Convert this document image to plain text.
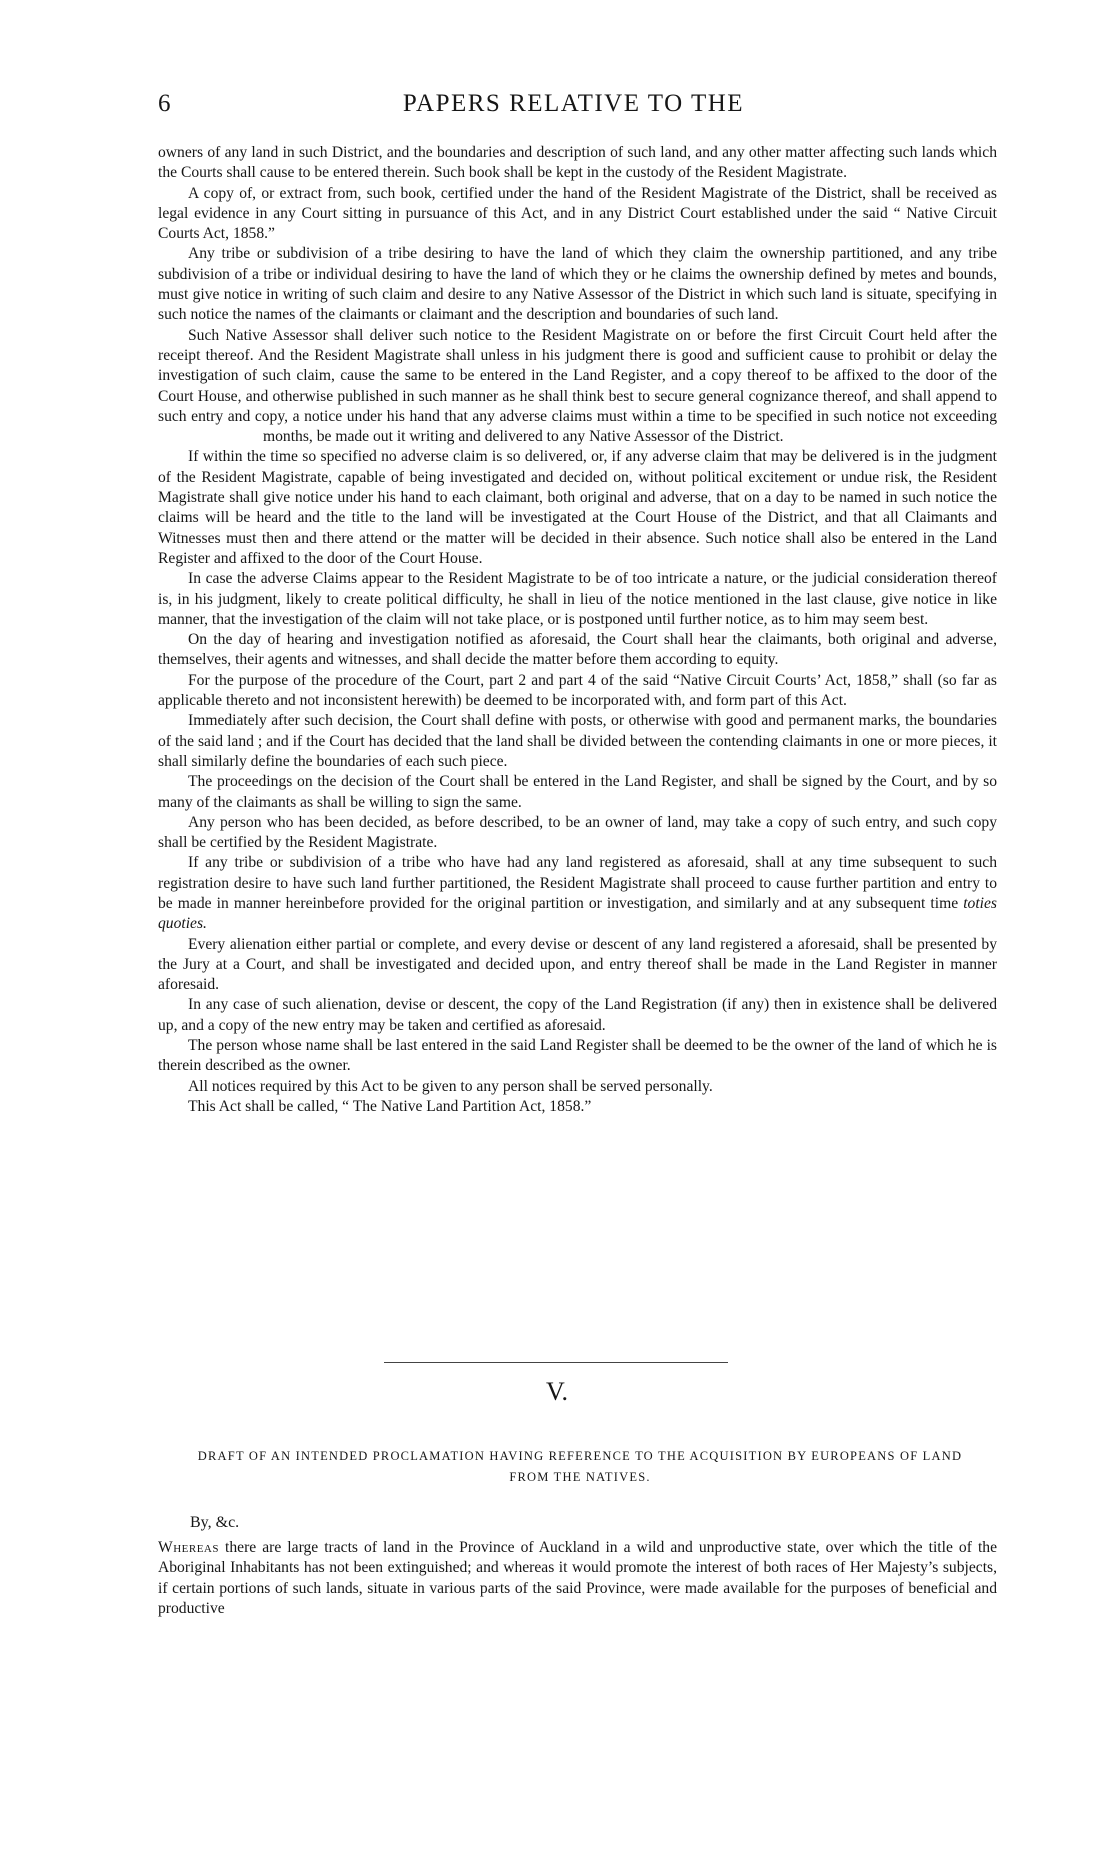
6	PAPERS RELATIVE TO THE

owners of any land in such District, and the boundaries and description of such land, and any other matter affecting such lands which the Courts shall cause to be entered therein. Such book shall be kept in the custody of the Resident Magistrate.

A copy of, or extract from, such book, certified under the hand of the Resident Magistrate of the District, shall be received as legal evidence in any Court sitting in pursuance of this Act, and in any District Court established under the said “ Native Circuit Courts Act, 1858.”

Any tribe or subdivision of a tribe desiring to have the land of which they claim the ownership partitioned, and any tribe subdivision of a tribe or individual desiring to have the land of which they or he claims the ownership defined by metes and bounds, must give notice in writing of such claim and desire to any Native Assessor of the District in which such land is situate, specifying in such notice the names of the claimants or claimant and the description and boundaries of such land.

Such Native Assessor shall deliver such notice to the Resident Magistrate on or before the first Circuit Court held after the receipt thereof. And the Resident Magistrate shall unless in his judgment there is good and sufficient cause to prohibit or delay the investigation of such claim, cause the same to be entered in the Land Register, and a copy thereof to be affixed to the door of the Court House, and otherwise published in such manner as he shall think best to secure general cognizance thereof, and shall append to such entry and copy, a notice under his hand that any adverse claims must within a time to be specified in such notice not exceedingmonths, be made out it writing and delivered to any Native Assessor of the District.

If within the time so specified no adverse claim is so delivered, or, if any adverse claim that may be delivered is in the judgment of the Resident Magistrate, capable of being investigated and decided on, without political excitement or undue risk, the Resident Magistrate shall give notice under his hand to each claimant, both original and adverse, that on a day to be named in such notice the claims will be heard and the title to the land will be investigated at the Court House of the District, and that all Claimants and Witnesses must then and there attend or the matter will be decided in their absence. Such notice shall also be entered in the Land Register and affixed to the door of the Court House.

In case the adverse Claims appear to the Resident Magistrate to be of too intricate a nature, or the judicial consideration thereof is, in his judgment, likely to create political difficulty, he shall in lieu of the notice mentioned in the last clause, give notice in like manner, that the investigation of the claim will not take place, or is postponed until further notice, as to him may seem best.

On the day of hearing and investigation notified as aforesaid, the Court shall hear the claimants, both original and adverse, themselves, their agents and witnesses, and shall decide the matter before them according to equity.

For the purpose of the procedure of the Court, part 2 and part 4 of the said “Native Circuit Courts’ Act, 1858,” shall (so far as applicable thereto and not inconsistent herewith) be deemed to be incorporated with, and form part of this Act.

Immediately after such decision, the Court shall define with posts, or otherwise with good and permanent marks, the boundaries of the said land ; and if the Court has decided that the land shall be divided between the contending claimants in one or more pieces, it shall similarly define the boundaries of each such piece.

The proceedings on the decision of the Court shall be entered in the Land Register, and shall be signed by the Court, and by so many of the claimants as shall be willing to sign the same.

Any person who has been decided, as before described, to be an owner of land, may take a copy of such entry, and such copy shall be certified by the Resident Magistrate.

If any tribe or subdivision of a tribe who have had any land registered as aforesaid, shall at any time subsequent to such registration desire to have such land further partitioned, the Resident Magistrate shall proceed to cause further partition and entry to be made in manner hereinbefore provided for the original partition or investigation, and similarly and at any subsequent time toties quoties.

Every alienation either partial or complete, and every devise or descent of any land registered a aforesaid, shall be presented by the Jury at a Court, and shall be investigated and decided upon, and entry thereof shall be made in the Land Register in manner aforesaid.

In any case of such alienation, devise or descent, the copy of the Land Registration (if any) then in existence shall be delivered up, and a copy of the new entry may be taken and certified as aforesaid.

The person whose name shall be last entered in the said Land Register shall be deemed to be the owner of the land of which he is therein described as the owner.

All notices required by this Act to be given to any person shall be served personally.

This Act shall be called, “ The Native Land Partition Act, 1858.”

V.
DRAFT OF AN INTENDED PROCLAMATION HAVING REFERENCE TO THE ACQUISITION BY EUROPEANS OF LAND FROM THE NATIVES.
By, &c.

Whereas there are large tracts of land in the Province of Auckland in a wild and unproductive state, over which the title of the Aboriginal Inhabitants has not been extinguished; and whereas it would promote the interest of both races of Her Majesty’s subjects, if certain portions of such lands, situate in various parts of the said Province, were made available for the purposes of beneficial and productive
